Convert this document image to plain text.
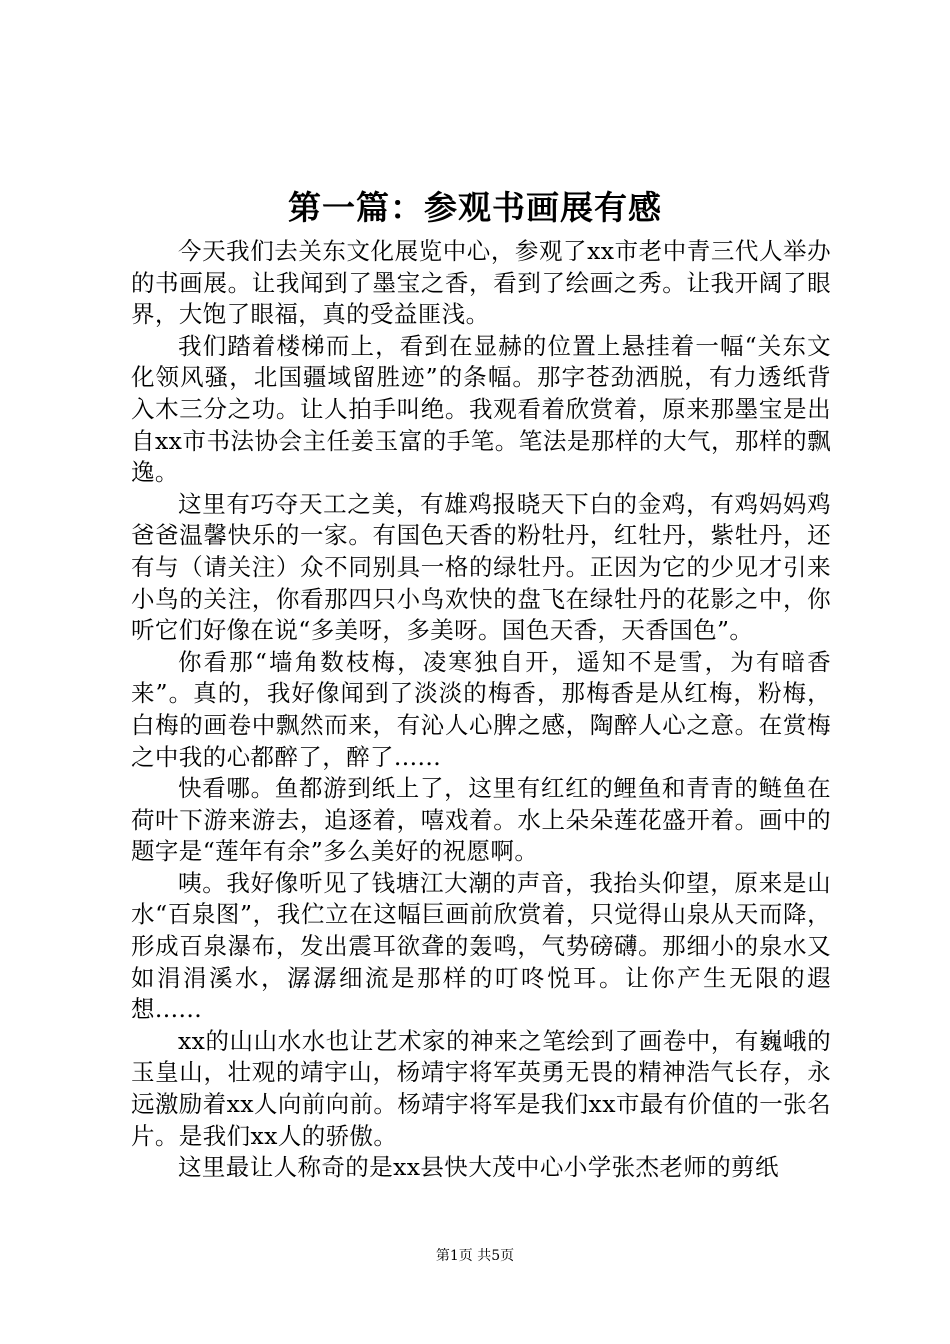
第一篇：参观书画展有感

今天我们去关东文化展览中心，参观了xx市老中青三代人举办的书画展。让我闻到了墨宝之香，看到了绘画之秀。让我开阔了眼界，大饱了眼福，真的受益匪浅。

我们踏着楼梯而上，看到在显赫的位置上悬挂着一幅“关东文化领风骚，北国疆域留胜迹”的条幅。那字苍劲洒脱，有力透纸背入木三分之功。让人拍手叫绝。我观看着欣赏着，原来那墨宝是出自xx市书法协会主任姜玉富的手笔。笔法是那样的大气，那样的飘逸。

这里有巧夺天工之美，有雄鸡报晓天下白的金鸡，有鸡妈妈鸡爸爸温馨快乐的一家。有国色天香的粉牡丹，红牡丹，紫牡丹，还有与（请关注）众不同别具一格的绿牡丹。正因为它的少见才引来小鸟的关注，你看那四只小鸟欢快的盘飞在绿牡丹的花影之中，你听它们好像在说“多美呀，多美呀。国色天香，天香国色”。

你看那“墙角数枝梅，凌寒独自开，遥知不是雪，为有暗香来”。真的，我好像闻到了淡淡的梅香，那梅香是从红梅，粉梅，白梅的画卷中飘然而来，有沁人心脾之感，陶醉人心之意。在赏梅之中我的心都醉了，醉了......

快看哪。鱼都游到纸上了，这里有红红的鲤鱼和青青的鲢鱼在荷叶下游来游去，追逐着，嘻戏着。水上朵朵莲花盛开着。画中的题字是“莲年有余”多么美好的祝愿啊。

咦。我好像听见了钱塘江大潮的声音，我抬头仰望，原来是山水“百泉图”，我伫立在这幅巨画前欣赏着，只觉得山泉从天而降，形成百泉瀑布，发出震耳欲聋的轰鸣，气势磅礴。那细小的泉水又如涓涓溪水，潺潺细流是那样的叮咚悦耳。让你产生无限的遐想......

xx的山山水水也让艺术家的神来之笔绘到了画卷中，有巍峨的玉皇山，壮观的靖宇山，杨靖宇将军英勇无畏的精神浩气长存，永远激励着xx人向前向前。杨靖宇将军是我们xx市最有价值的一张名片。是我们xx人的骄傲。

这里最让人称奇的是xx县快大茂中心小学张杰老师的剪纸

第1页 共5页
